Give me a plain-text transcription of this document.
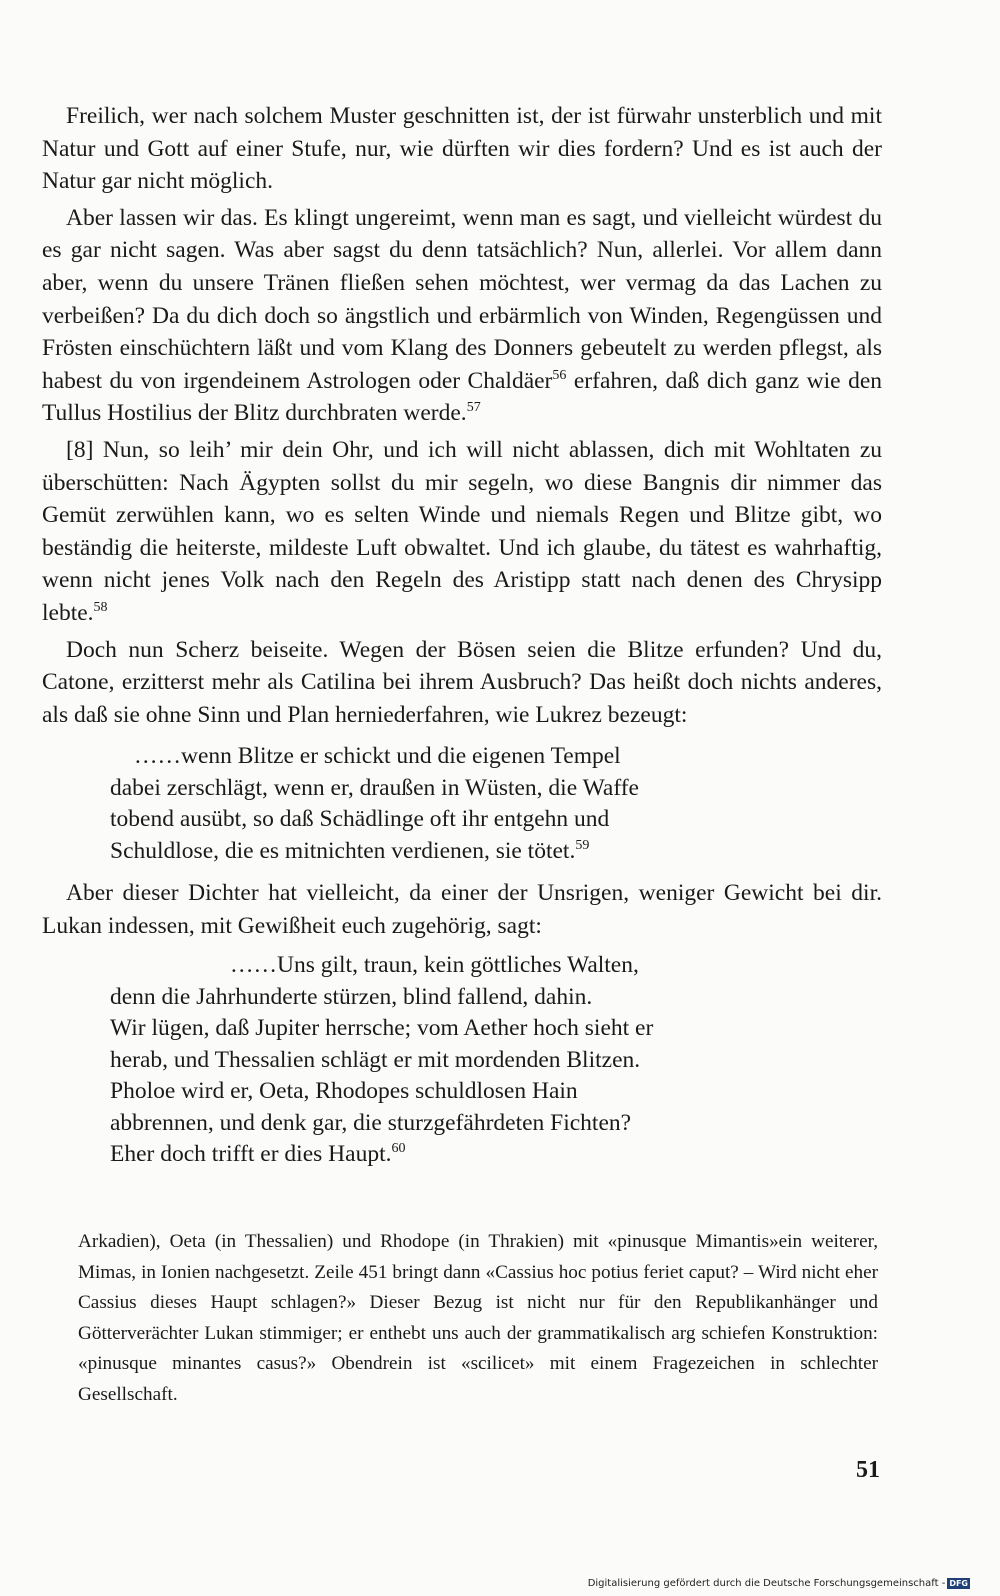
Freilich, wer nach solchem Muster geschnitten ist, der ist fürwahr unsterblich und mit Natur und Gott auf einer Stufe, nur, wie dürften wir dies fordern? Und es ist auch der Natur gar nicht möglich.

Aber lassen wir das. Es klingt ungereimt, wenn man es sagt, und vielleicht würdest du es gar nicht sagen. Was aber sagst du denn tatsächlich? Nun, allerlei. Vor allem dann aber, wenn du unsere Tränen fließen sehen möchtest, wer vermag da das Lachen zu verbeißen? Da du dich doch so ängstlich und erbärmlich von Winden, Regengüssen und Frösten einschüchtern läßt und vom Klang des Donners gebeutelt zu werden pflegst, als habest du von irgendeinem Astrologen oder Chaldäer$^{56}$ erfahren, daß dich ganz wie den Tullus Hostilius der Blitz durchbraten werde.$^{57}$

[8] Nun, so leih’ mir dein Ohr, und ich will nicht ablassen, dich mit Wohltaten zu überschütten: Nach Ägypten sollst du mir segeln, wo diese Bangnis dir nimmer das Gemüt zerwühlen kann, wo es selten Winde und niemals Regen und Blitze gibt, wo beständig die heiterste, mildeste Luft obwaltet. Und ich glaube, du tätest es wahrhaftig, wenn nicht jenes Volk nach den Regeln des Aristipp statt nach denen des Chrysipp lebte.$^{58}$

Doch nun Scherz beiseite. Wegen der Bösen seien die Blitze erfunden? Und du, Catone, erzitterst mehr als Catilina bei ihrem Ausbruch? Das heißt doch nichts anderes, als daß sie ohne Sinn und Plan herniederfahren, wie Lukrez bezeugt:

……wenn Blitze er schickt und die eigenen Tempel
dabei zerschlägt, wenn er, draußen in Wüsten, die Waffe
tobend ausübt, so daß Schädlinge oft ihr entgehn und
Schuldlose, die es mitnichten verdienen, sie tötet.$^{59}$

Aber dieser Dichter hat vielleicht, da einer der Unsrigen, weniger Gewicht bei dir. Lukan indessen, mit Gewißheit euch zugehörig, sagt:

……Uns gilt, traun, kein göttliches Walten,
denn die Jahrhunderte stürzen, blind fallend, dahin.
Wir lügen, daß Jupiter herrsche; vom Aether hoch sieht er
herab, und Thessalien schlägt er mit mordenden Blitzen.
Pholoe wird er, Oeta, Rhodopes schuldlosen Hain
abbrennen, und denk gar, die sturzgefährdeten Fichten?
Eher doch trifft er dies Haupt.$^{60}$

Arkadien), Oeta (in Thessalien) und Rhodope (in Thrakien) mit «pinusque Mimantis»ein weiterer, Mimas, in Ionien nachgesetzt. Zeile 451 bringt dann «Cassius hoc potius feriet caput? – Wird nicht eher Cassius dieses Haupt schlagen?» Dieser Bezug ist nicht nur für den Republikanhänger und Götterverächter Lukan stimmiger; er enthebt uns auch der grammatikalisch arg schiefen Konstruktion: «pinusque minantes casus?» Obendrein ist «scilicet» mit einem Fragezeichen in schlechter Gesellschaft.

51
Digitalisierung gefördert durch die Deutsche Forschungsgemeinschaft - DFG
